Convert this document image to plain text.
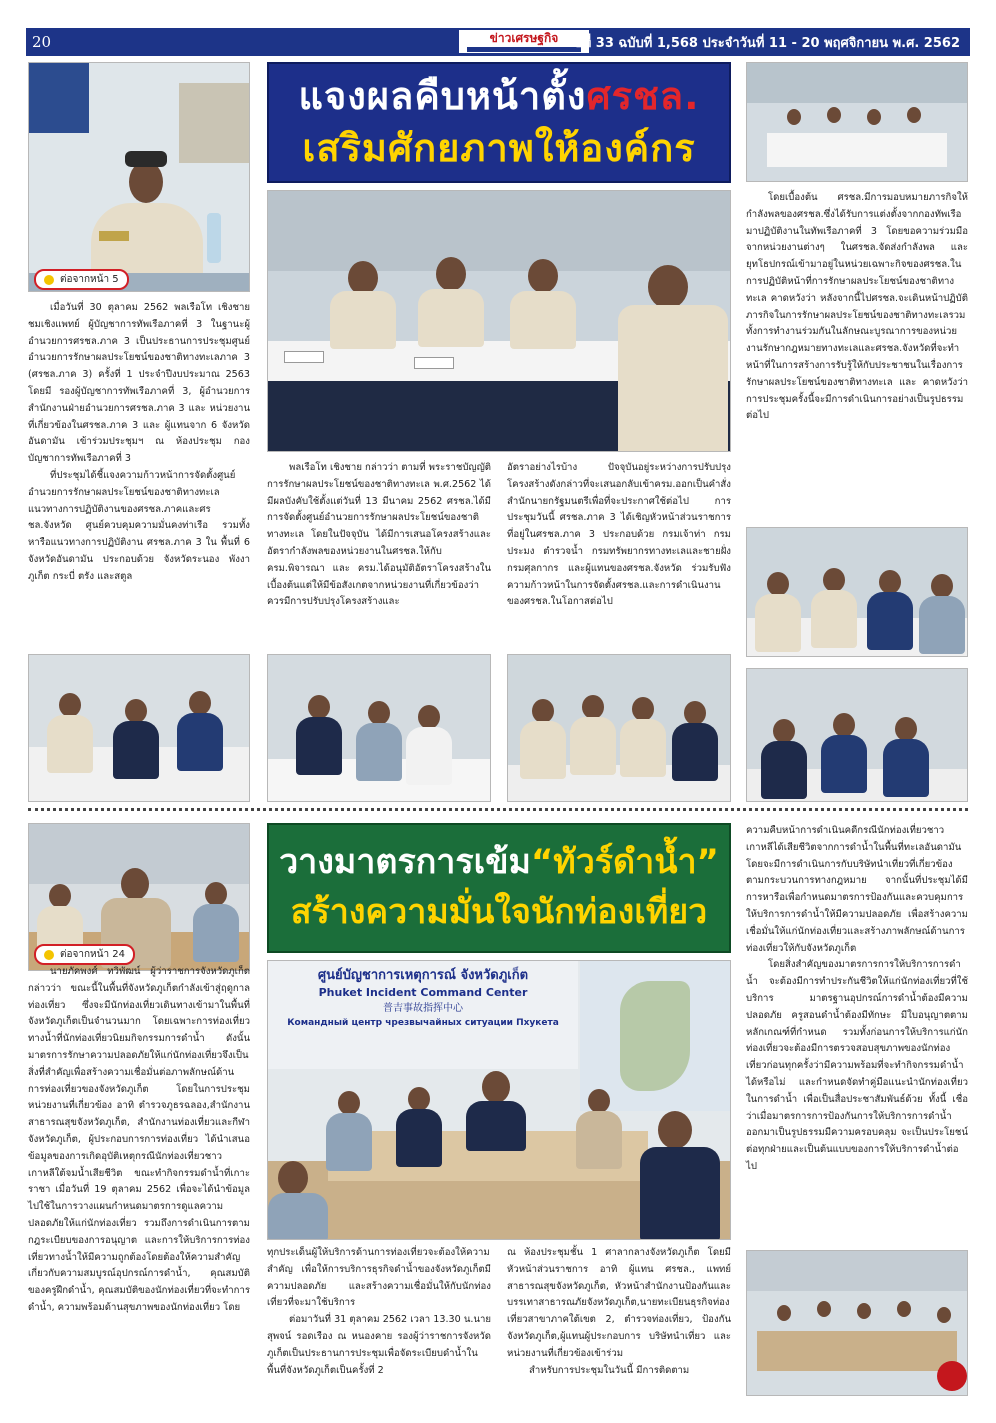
20	ข่าวเศรษฐกิจ	ปีที่ 33 ฉบับที่ 1,568 ประจำวันที่ 11 - 20 พฤศจิกายน พ.ศ. 2562
ต่อจากหน้า 5

เมื่อวันที่ 30 ตุลาคม 2562 พลเรือโท เชิงชาย ชมเชิงแพทย์ ผู้บัญชาการทัพเรือภาคที่ 3 ในฐานะผู้อำนวยการศรชล.ภาค 3 เป็นประธานการประชุมศูนย์อำนวยการรักษาผลประโยชน์ของชาติทางทะเลภาค 3 (ศรชล.ภาค 3) ครั้งที่ 1 ประจำปีงบประมาณ 2563 โดยมี รองผู้บัญชาการทัพเรือภาคที่ 3, ผู้อำนวยการสำนักงานฝ่ายอำนวยการศรชล.ภาค 3 และ หน่วยงานที่เกี่ยวข้องในศรชล.ภาค 3 และ ผู้แทนจาก 6 จังหวัดอันดามัน เข้าร่วมประชุมฯ ณ ห้องประชุม กองบัญชาการทัพเรือภาคที่ 3

ที่ประชุมได้ชี้แจงความก้าวหน้าการจัดตั้งศูนย์อำนวยการรักษาผลประโยชน์ของชาติทางทะเล แนวทางการปฏิบัติงานของศรชล.ภาคและศรชล.จังหวัด ศูนย์ควบคุมความมั่นคงท่าเรือ รวมทั้งหารือแนวทางการปฏิบัติงาน ศรชล.ภาค 3 ใน พื้นที่ 6 จังหวัดอันดามัน ประกอบด้วย จังหวัดระนอง พังงา ภูเก็ต กระบี่ ตรัง และสตูล

แจงผลคืบหน้าตั้งศรชล.
เสริมศักยภาพให้องค์กร

พลเรือโท เชิงชาย กล่าวว่า ตามที่ พระราชบัญญัติการรักษาผลประโยชน์ของชาติทางทะเล พ.ศ.2562 ได้มีผลบังคับใช้ตั้งแต่วันที่ 13 มีนาคม 2562 ศรชล.ได้มีการจัดตั้งศูนย์อำนวยการรักษาผลประโยชน์ของชาติทางทะเล โดยในปัจจุบัน ได้มีการเสนอโครงสร้างและอัตรากำลังพลของหน่วยงานในศรชล.ให้กับ ครม.พิจารณา และ ครม.ได้อนุมัติอัตราโครงสร้างในเบื้องต้นแต่ให้มีข้อสังเกตจากหน่วยงานที่เกี่ยวข้องว่าควรมีการปรับปรุงโครงสร้างและ

อัตราอย่างไรบ้าง ปัจจุบันอยู่ระหว่างการปรับปรุงโครงสร้างดังกล่าวที่จะเสนอกลับเข้าครม.ออกเป็นคำสั่งสำนักนายกรัฐมนตรีเพื่อที่จะประกาศใช้ต่อไป การประชุมวันนี้ ศรชล.ภาค 3 ได้เชิญหัวหน้าส่วนราชการที่อยู่ในศรชล.ภาค 3 ประกอบด้วย กรมเจ้าท่า กรมประมง ตำรวจน้ำ กรมทรัพยากรทางทะเลและชายฝั่ง กรมศุลกากร และผู้แทนของศรชล.จังหวัด ร่วมรับฟังความก้าวหน้าในการจัดตั้งศรชล.และการดำเนินงานของศรชล.ในโอกาสต่อไป

โดยเบื้องต้น ศรชล.มีการมอบหมายภารกิจให้กำลังพลของศรชล.ซึ่งได้รับการแต่งตั้งจากกองทัพเรือมาปฏิบัติงานในทัพเรือภาคที่ 3 โดยขอความร่วมมือจากหน่วยงานต่างๆ ในศรชล.จัดส่งกำลังพล และยุทโธปกรณ์เข้ามาอยู่ในหน่วยเฉพาะกิจของศรชล.ในการปฏิบัติหน้าที่การรักษาผลประโยชน์ของชาติทางทะเล คาดหวังว่า หลังจากนี้ไปศรชล.จะเดินหน้าปฏิบัติภารกิจในการรักษาผลประโยชน์ของชาติทางทะเลรวมทั้งการทำงานร่วมกันในลักษณะบูรณาการของหน่วยงานรักษากฎหมายทางทะเลและศรชล.จังหวัดที่จะทำหน้าที่ในการสร้างการรับรู้ให้กับประชาชนในเรื่องการรักษาผลประโยชน์ของชาติทางทะเล และ คาดหวังว่า การประชุมครั้งนี้จะมีการดำเนินการอย่างเป็นรูปธรรมต่อไป

ต่อจากหน้า 24

นายภัคพงศ์ ทวิพัฒน์ ผู้ว่าราชการจังหวัดภูเก็ต กล่าวว่า ขณะนี้ในพื้นที่จังหวัดภูเก็ตกำลังเข้าสู่ฤดูกาลท่องเที่ยว ซึ่งจะมีนักท่องเที่ยวเดินทางเข้ามาในพื้นที่จังหวัดภูเก็ตเป็นจำนวนมาก โดยเฉพาะการท่องเที่ยวทางน้ำที่นักท่องเที่ยวนิยมกิจกรรมการดำน้ำ ดังนั้นมาตรการรักษาความปลอดภัยให้แก่นักท่องเที่ยวจึงเป็นสิ่งที่สำคัญเพื่อสร้างความเชื่อมั่นต่อภาพลักษณ์ด้านการท่องเที่ยวของจังหวัดภูเก็ต โดยในการประชุม หน่วยงานที่เกี่ยวข้อง อาทิ ตำรวจภูธรฉลอง,สำนักงานสาธารณสุขจังหวัดภูเก็ต, สำนักงานท่องเที่ยวและกีฬาจังหวัดภูเก็ต, ผู้ประกอบการการท่องเที่ยว ได้นำเสนอข้อมูลของการเกิดอุบัติเหตุกรณีนักท่องเที่ยวชาวเกาหลีใต้จมน้ำเสียชีวิต ขณะทำกิจกรรมดำน้ำที่เกาะราชา เมื่อวันที่ 19 ตุลาคม 2562 เพื่อจะได้นำข้อมูลไปใช้ในการวางแผนกำหนดมาตรการดูแลความปลอดภัยให้แก่นักท่องเที่ยว รวมถึงการดำเนินการตามกฎระเบียบของการอนุญาต และการให้บริการการท่องเที่ยวทางน้ำให้มีความถูกต้องโดยต้องให้ความสำคัญเกี่ยวกับความสมบูรณ์อุปกรณ์การดำน้ำ, คุณสมบัติของครูฝึกดำน้ำ, คุณสมบัติของนักท่องเที่ยวที่จะทำการดำน้ำ, ความพร้อมด้านสุขภาพของนักท่องเที่ยว โดย

วางมาตรการเข้ม“ทัวร์ดำน้ำ”
สร้างความมั่นใจนักท่องเที่ยว
ศูนย์บัญชาการเหตุการณ์ จังหวัดภูเก็ต
Phuket Incident Command Center
普吉事故指挥中心
Командный центр чрезвычайных ситуации Пхукета

ทุกประเด็นผู้ให้บริการด้านการท่องเที่ยวจะต้องให้ความสำคัญ เพื่อให้การบริการธุรกิจดำน้ำของจังหวัดภูเก็ตมีความปลอดภัย และสร้างความเชื่อมั่นให้กับนักท่องเที่ยวที่จะมาใช้บริการ

ต่อมาวันที่ 31 ตุลาคม 2562 เวลา 13.30 น.นายสุพจน์ รอดเรือง ณ หนองคาย รองผู้ว่าราชการจังหวัดภูเก็ตเป็นประธานการประชุมเพื่อจัดระเบียบดำน้ำในพื้นที่จังหวัดภูเก็ตเป็นครั้งที่ 2

ณ ห้องประชุมชั้น 1 ศาลากลางจังหวัดภูเก็ต โดยมีหัวหน้าส่วนราชการ อาทิ ผู้แทน ศรชล., แพทย์สาธารณสุขจังหวัดภูเก็ต, หัวหน้าสำนักงานป้องกันและบรรเทาสาธารณภัยจังหวัดภูเก็ต,นายทะเบียนธุรกิจท่องเที่ยวสาขาภาคใต้เขต 2, ตำรวจท่องเที่ยว, ป้องกันจังหวัดภูเก็ต,ผู้แทนผู้ประกอบการ บริษัทนำเที่ยว และหน่วยงานที่เกี่ยวข้องเข้าร่วม

สำหรับการประชุมในวันนี้ มีการติดตาม

ความคืบหน้าการดำเนินคดีกรณีนักท่องเที่ยวชาวเกาหลีได้เสียชีวิตจากการดำน้ำในพื้นที่ทะเลอันดามัน โดยจะมีการดำเนินการกับบริษัทนำเที่ยวที่เกี่ยวข้อง ตามกระบวนการทางกฎหมาย จากนั้นที่ประชุมได้มีการหารือเพื่อกำหนดมาตรการป้องกันและควบคุมการให้บริการการดำน้ำให้มีความปลอดภัย เพื่อสร้างความเชื่อมั่นให้แก่นักท่องเที่ยวและสร้างภาพลักษณ์ด้านการท่องเที่ยวให้กับจังหวัดภูเก็ต

โดยสิ่งสำคัญของมาตรการการให้บริการการดำน้ำ จะต้องมีการทำประกันชีวิตให้แก่นักท่องเที่ยวที่ใช้บริการ มาตรฐานอุปกรณ์การดำน้ำต้องมีความปลอดภัย ครูสอนดำน้ำต้องมีทักษะ มีใบอนุญาตตามหลักเกณฑ์ที่กำหนด รวมทั้งก่อนการให้บริการแก่นักท่องเที่ยวจะต้องมีการตรวจสอบสุขภาพของนักท่องเที่ยวก่อนทุกครั้งว่ามีความพร้อมที่จะทำกิจกรรมดำน้ำได้หรือไม่ และกำหนดจัดทำคู่มือแนะนำนักท่องเที่ยวในการดำน้ำ เพื่อเป็นสื่อประชาสัมพันธ์ด้วย ทั้งนี้ เชื่อว่าเมื่อมาตรการการป้องกันการให้บริการการดำน้ำออกมาเป็นรูปธรรมมีความครอบคลุม จะเป็นประโยชน์ต่อทุกฝ่ายและเป็นต้นแบบของการให้บริการดำน้ำต่อไป
